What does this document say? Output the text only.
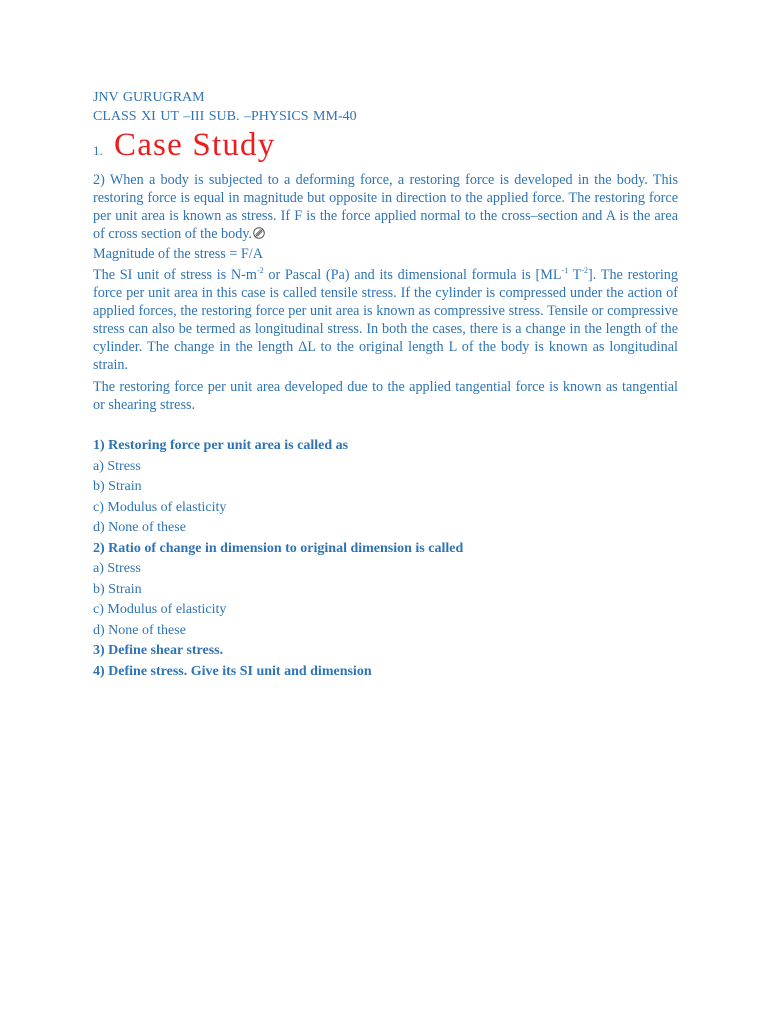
JNV GURUGRAM
CLASS XI UT –III SUB. –PHYSICS MM-40
1. Case Study

2) When a body is subjected to a deforming force, a restoring force is developed in the body. This restoring force is equal in magnitude but opposite in direction to the applied force. The restoring force per unit area is known as stress. If F is the force applied normal to the cross–section and A is the area of cross section of the body.

Magnitude of the stress = F/A

The SI unit of stress is $N-m^{-2}$ or Pascal (Pa) and its dimensional formula is [$ML^{-1}$ $T^{-2}$]. The restoring force per unit area in this case is called tensile stress. If the cylinder is compressed under the action of applied forces, the restoring force per unit area is known as compressive stress. Tensile or compressive stress can also be termed as longitudinal stress. In both the cases, there is a change in the length of the cylinder. The change in the length ΔL to the original length L of the body is known as longitudinal strain.

The restoring force per unit area developed due to the applied tangential force is known as tangential or shearing stress.

1) Restoring force per unit area is called as
a) Stress
b) Strain
c) Modulus of elasticity
d) None of these
2) Ratio of change in dimension to original dimension is called
a) Stress
b) Strain
c) Modulus of elasticity
d) None of these
3) Define shear stress.
4) Define stress. Give its SI unit and dimension
